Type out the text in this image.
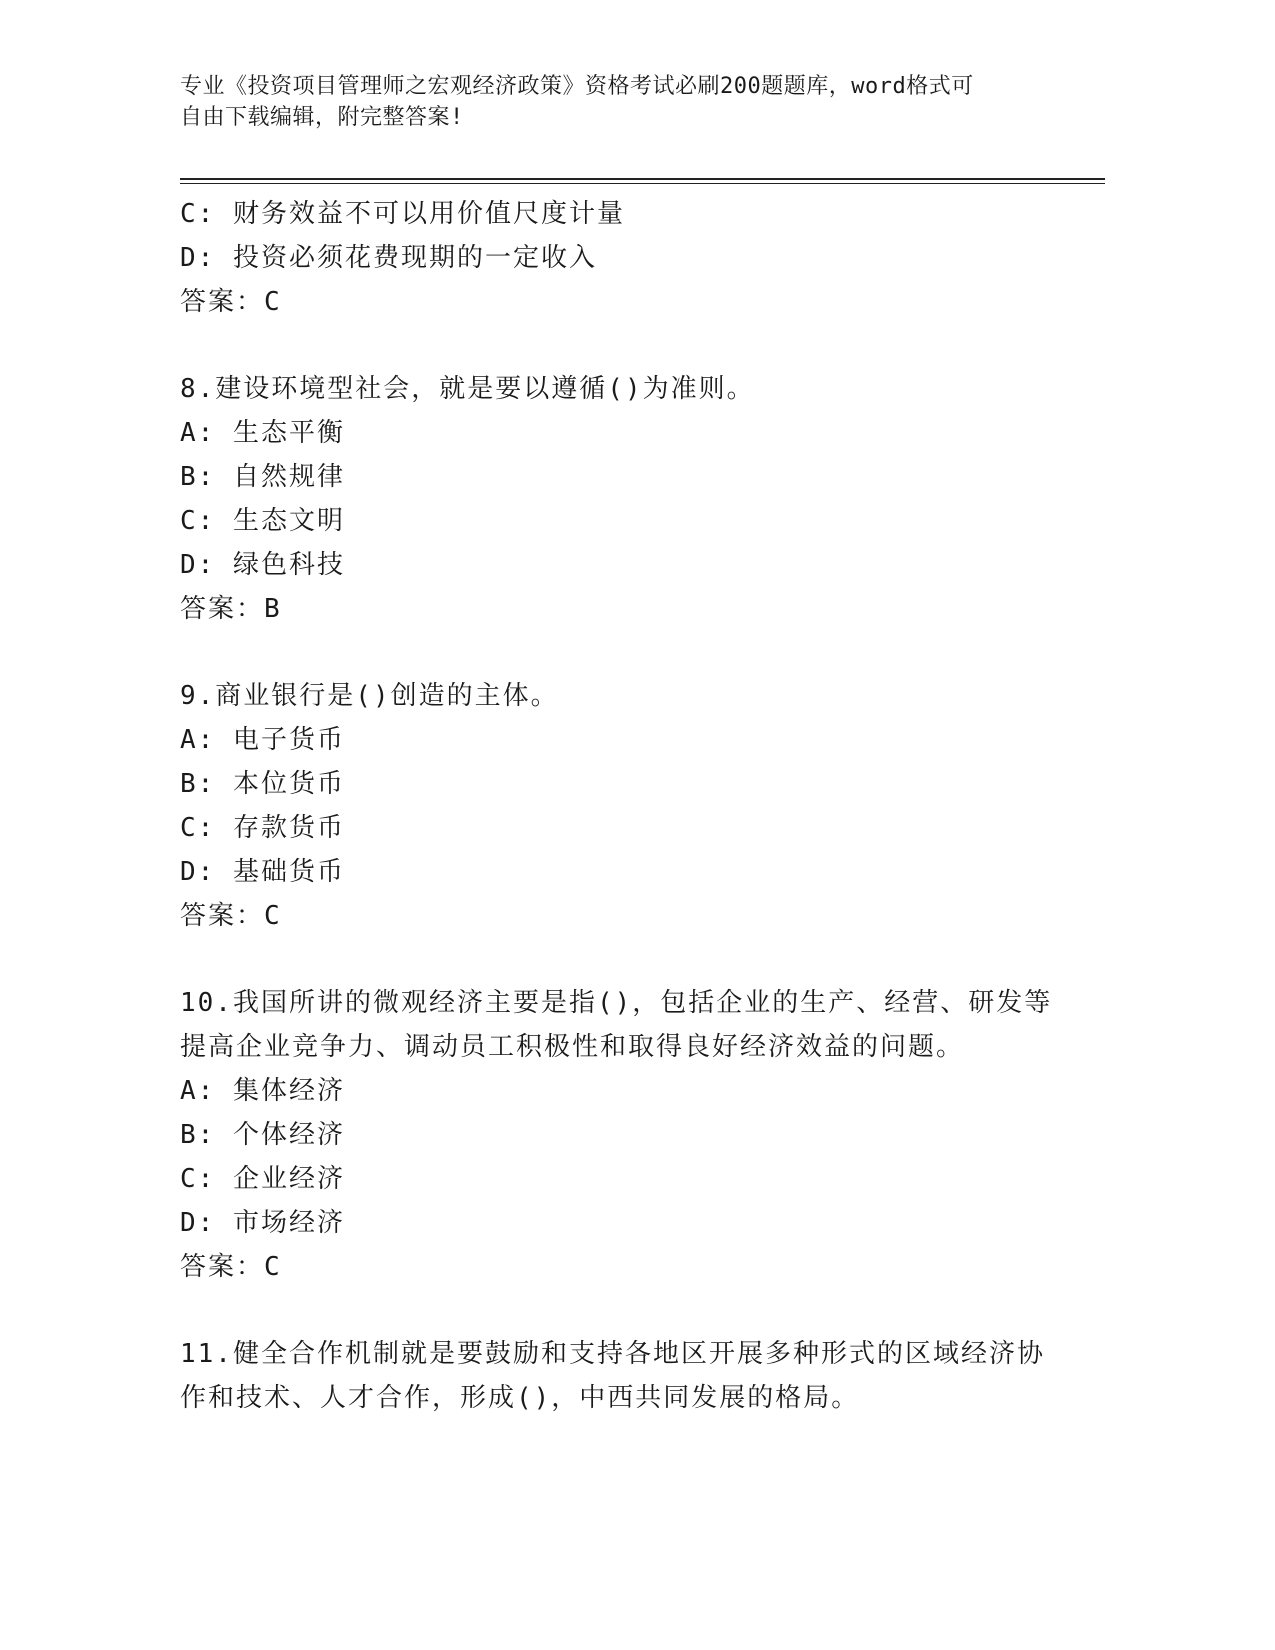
专业《投资项目管理师之宏观经济政策》资格考试必刷200题题库，word格式可
自由下载编辑，附完整答案!
C: 财务效益不可以用价值尺度计量
D: 投资必须花费现期的一定收入
答案：C
8.建设环境型社会，就是要以遵循()为准则。
A: 生态平衡
B: 自然规律
C: 生态文明
D: 绿色科技
答案：B
9.商业银行是()创造的主体。
A: 电子货币
B: 本位货币
C: 存款货币
D: 基础货币
答案：C
10.我国所讲的微观经济主要是指()，包括企业的生产、经营、研发等
提高企业竞争力、调动员工积极性和取得良好经济效益的问题。
A: 集体经济
B: 个体经济
C: 企业经济
D: 市场经济
答案：C
11.健全合作机制就是要鼓励和支持各地区开展多种形式的区域经济协
作和技术、人才合作，形成()，中西共同发展的格局。
